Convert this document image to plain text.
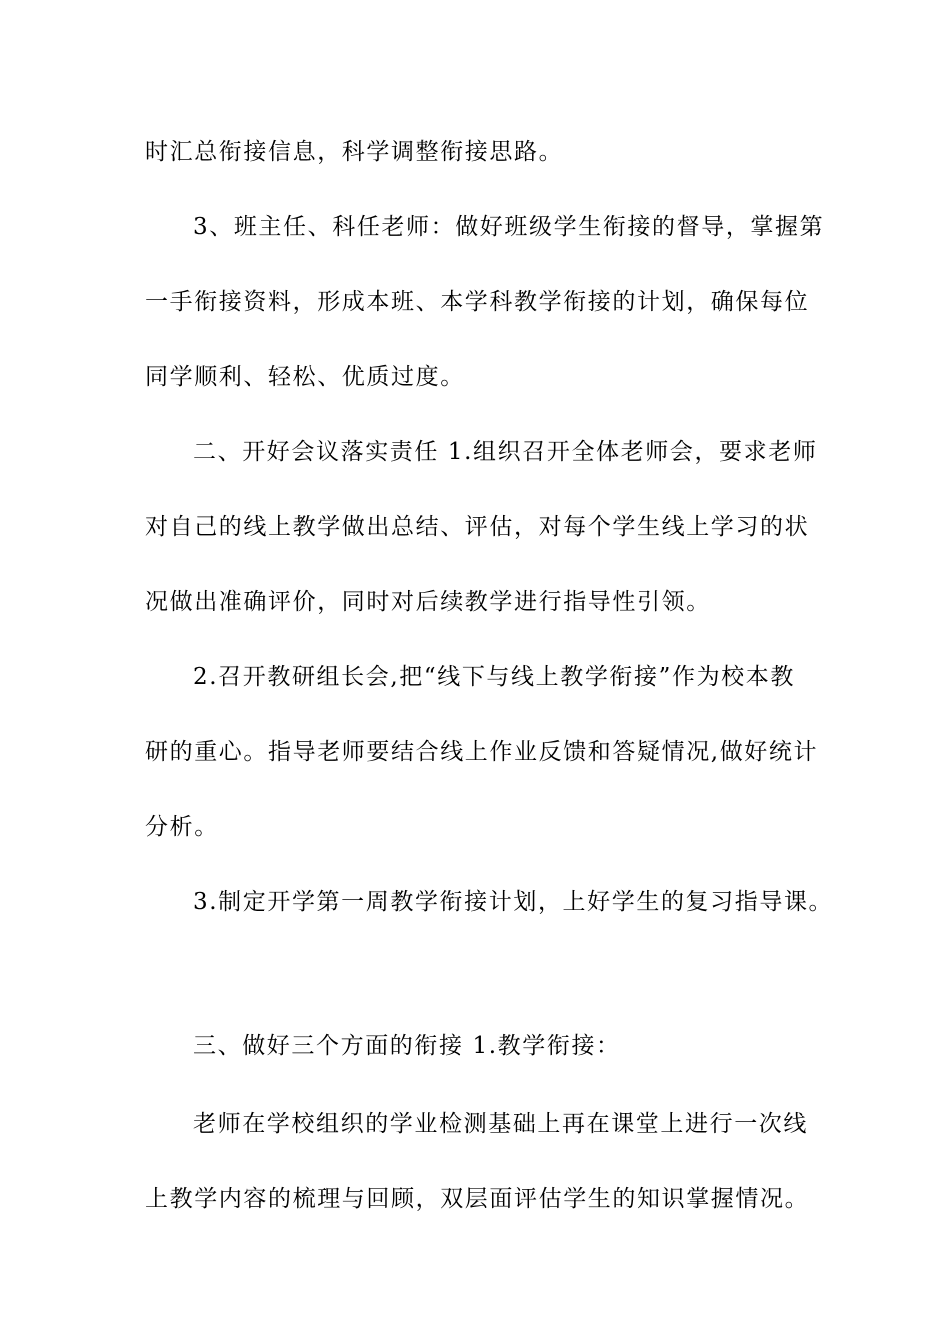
时汇总衔接信息，科学调整衔接思路。

3、班主任、科任老师：做好班级学生衔接的督导，掌握第

一手衔接资料，形成本班、本学科教学衔接的计划，确保每位

同学顺利、轻松、优质过度。

二、开好会议落实责任 1.组织召开全体老师会，要求老师

对自己的线上教学做出总结、评估，对每个学生线上学习的状

况做出准确评价，同时对后续教学进行指导性引领。

2.召开教研组长会,把“线下与线上教学衔接”作为校本教

研的重心。指导老师要结合线上作业反馈和答疑情况,做好统计

分析。

3.制定开学第一周教学衔接计划，上好学生的复习指导课。

三、做好三个方面的衔接 1.教学衔接：

老师在学校组织的学业检测基础上再在课堂上进行一次线

上教学内容的梳理与回顾，双层面评估学生的知识掌握情况。
